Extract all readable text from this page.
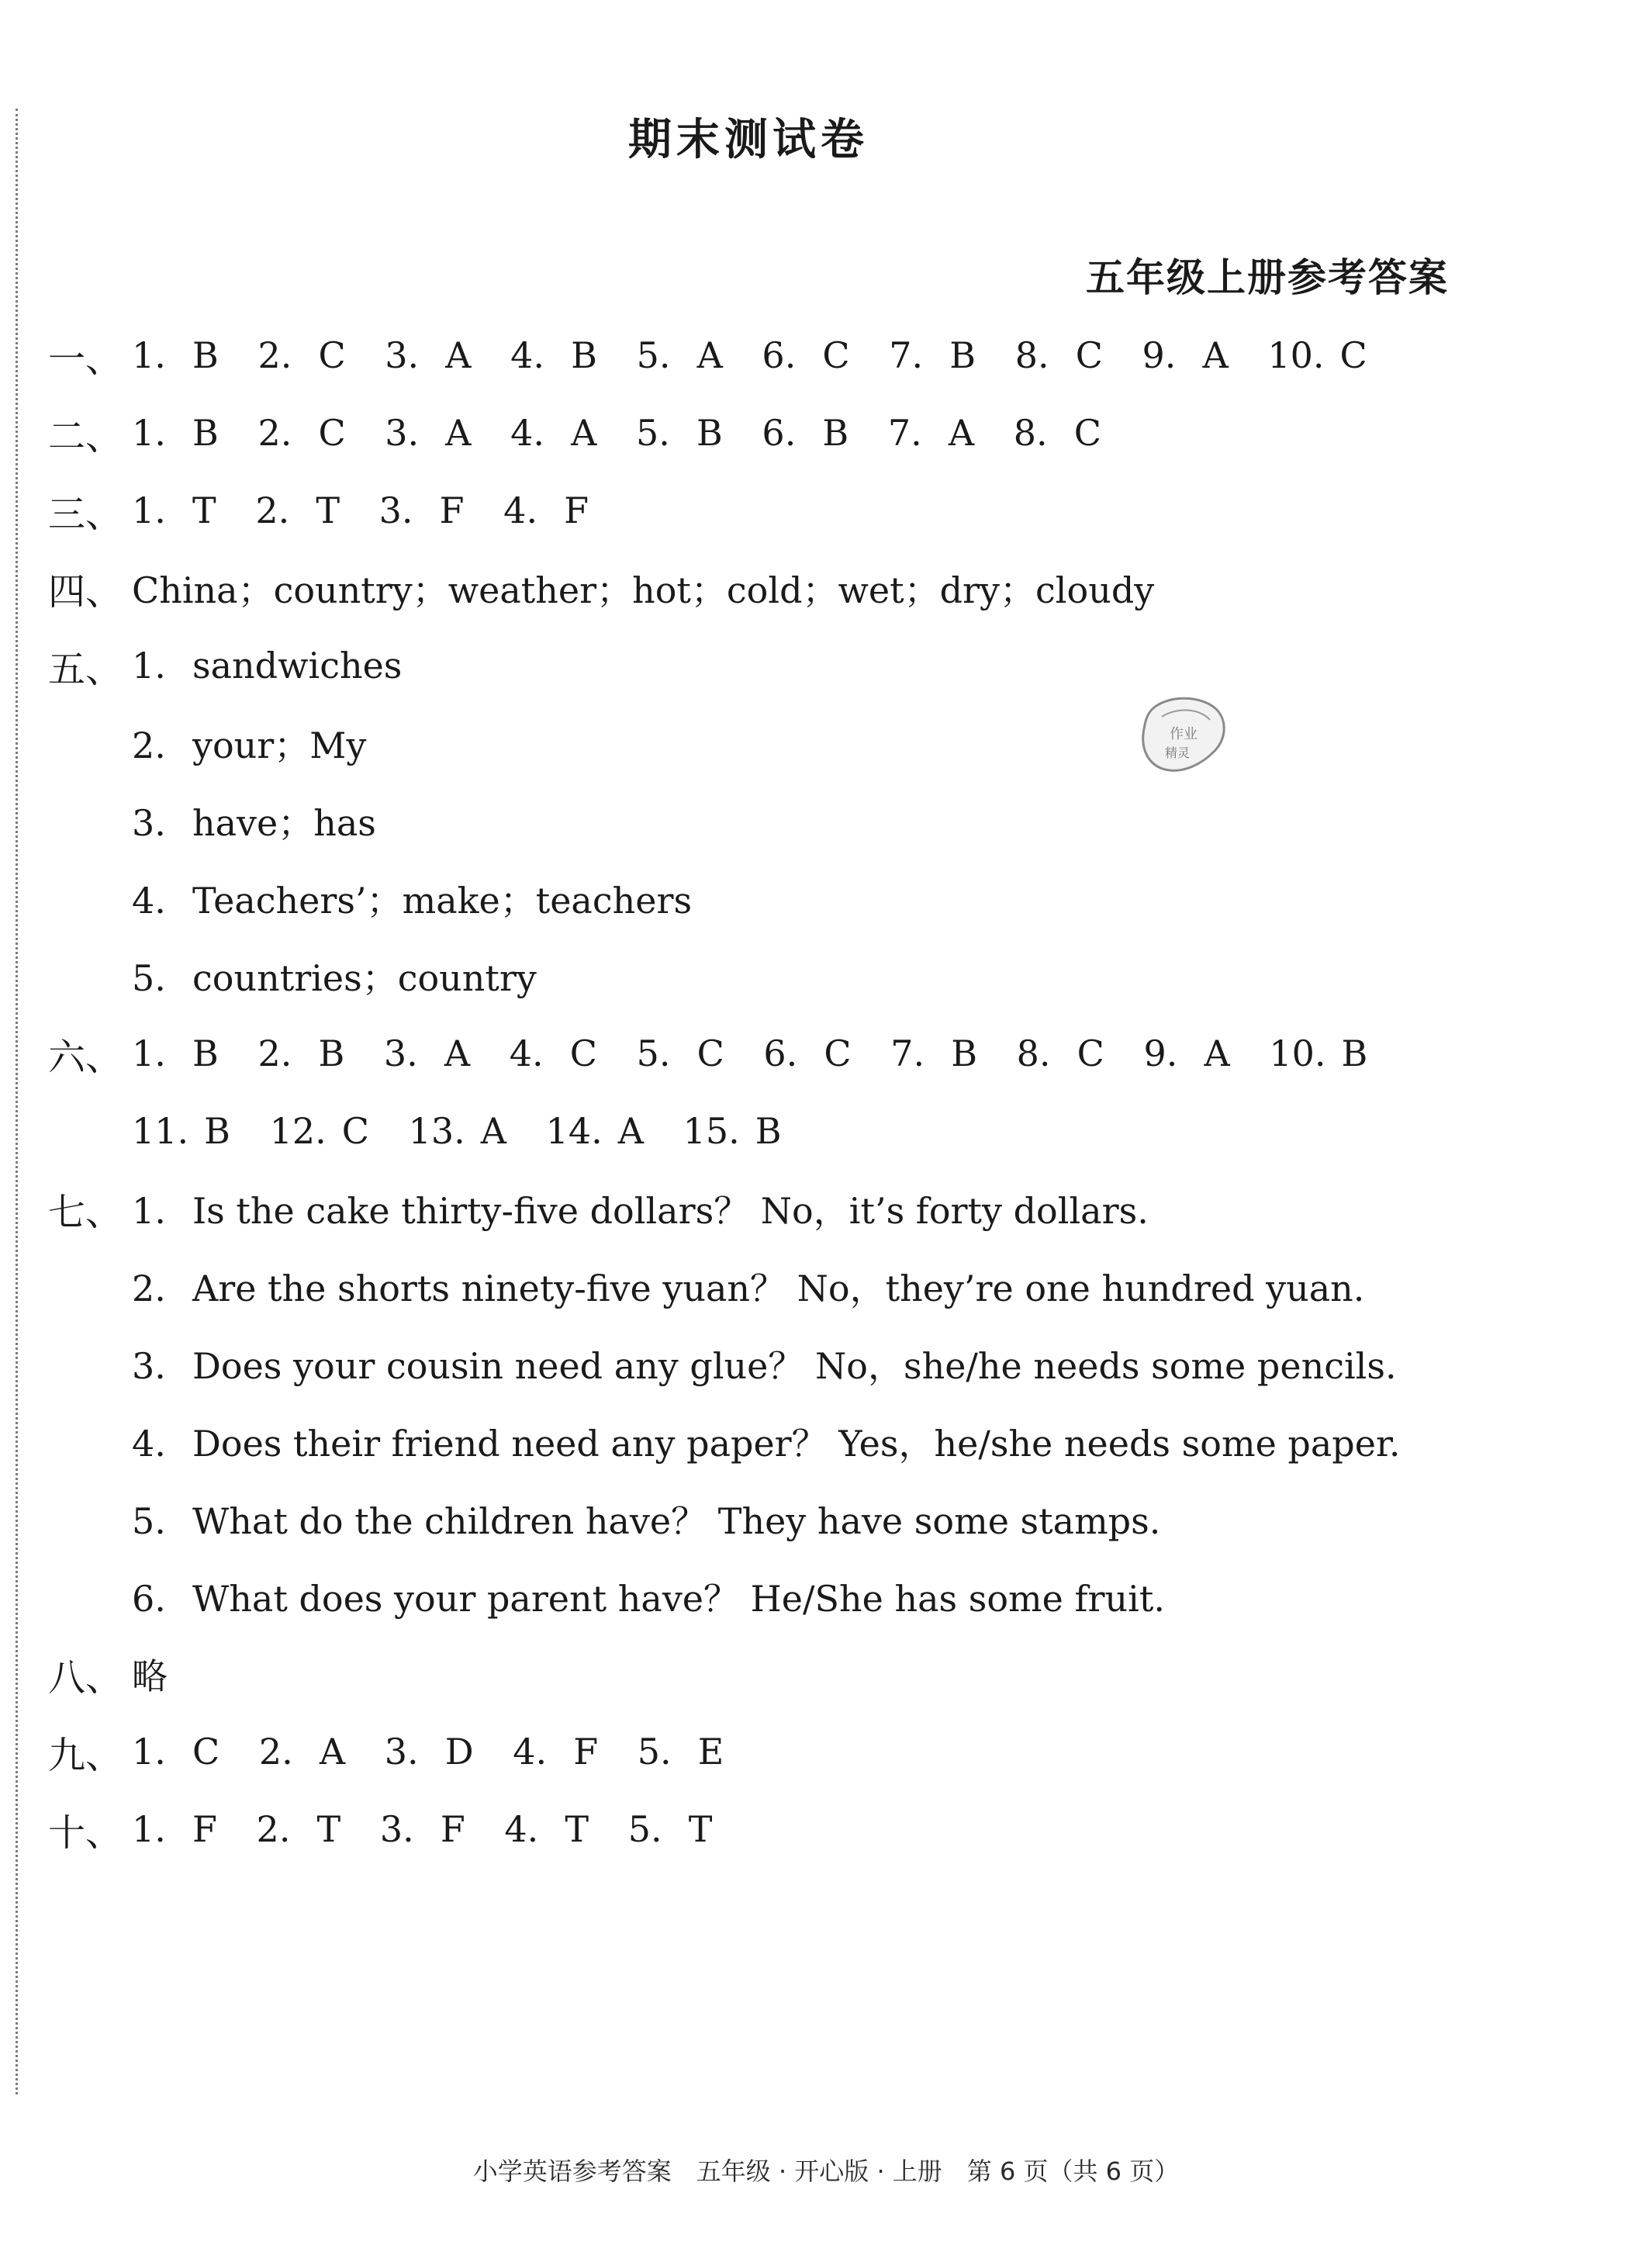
期末测试卷
五年级上册参考答案
一、 1. B 2. C 3. A 4. B 5. A 6. C 7. B 8. C 9. A 10. C
二、 1. B 2. C 3. A 4. A 5. B 6. B 7. A 8. C
三、 1. T 2. T 3. F 4. F
四、 China；country；weather；hot；cold；wet；dry；cloudy
五、 1. sandwiches
2. your；My
3. have；has
4. Teachers’；make；teachers
5. countries；country
六、 1. B 2. B 3. A 4. C 5. C 6. C 7. B 8. C 9. A 10. B
11. B 12. C 13. A 14. A 15. B
七、 1. Is the cake thirty-five dollars？ No，it’s forty dollars.
2. Are the shorts ninety-five yuan？ No，they’re one hundred yuan.
3. Does your cousin need any glue？ No，she/he needs some pencils.
4. Does their friend need any paper？ Yes，he/she needs some paper.
5. What do the children have？ They have some stamps.
6. What does your parent have？ He/She has some fruit.
八、 略
九、 1. C 2. A 3. D 4. F 5. E
十、 1. F 2. T 3. F 4. T 5. T
作业
精灵
小学英语参考答案　五年级 · 开心版 · 上册　第 6 页（共 6 页）
